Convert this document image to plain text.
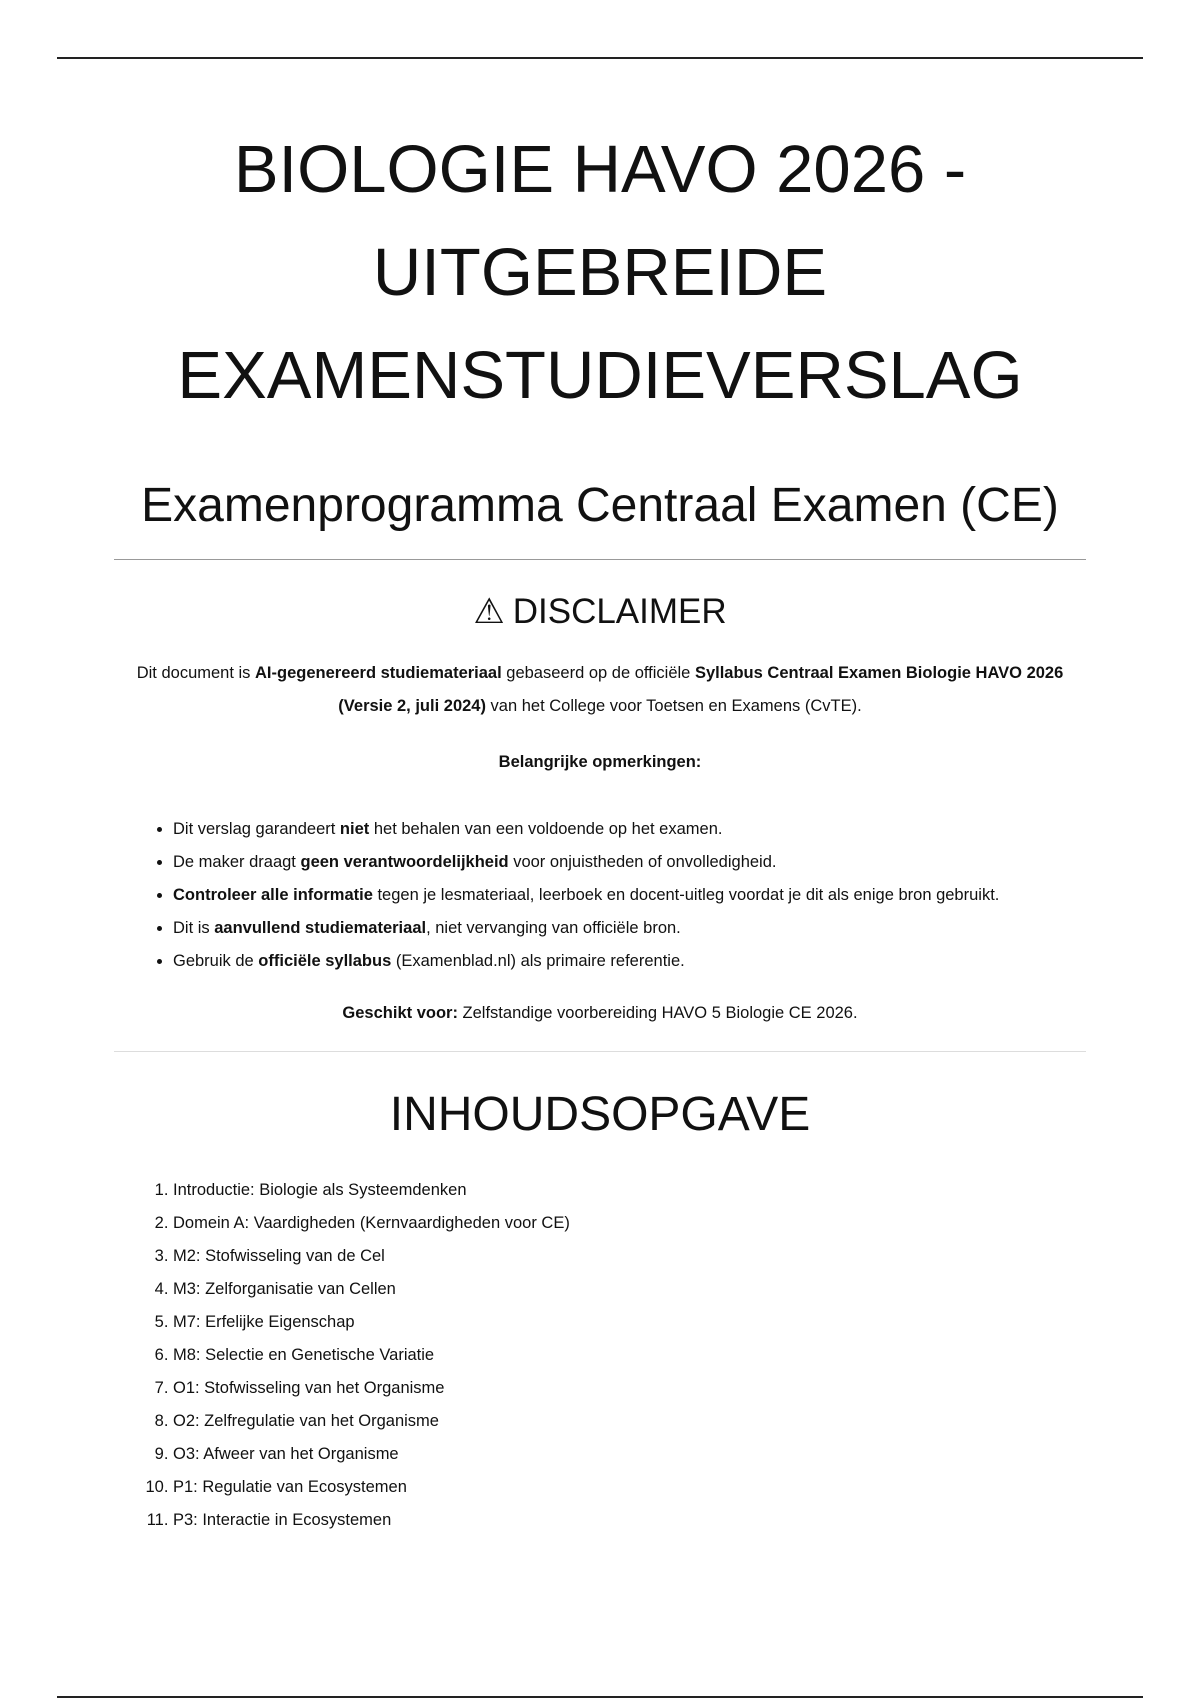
BIOLOGIE HAVO 2026 - UITGEBREIDE EXAMENSTUDIEVERSLAG
Examenprogramma Centraal Examen (CE)
⚠ DISCLAIMER

Dit document is AI-gegenereerd studiemateriaal gebaseerd op de officiële Syllabus Centraal Examen Biologie HAVO 2026 (Versie 2, juli 2024) van het College voor Toetsen en Examens (CvTE).

Belangrijke opmerkingen:

• Dit verslag garandeert niet het behalen van een voldoende op het examen.
• De maker draagt geen verantwoordelijkheid voor onjuistheden of onvolledigheid.
• Controleer alle informatie tegen je lesmateriaal, leerboek en docent-uitleg voordat je dit als enige bron gebruikt.
• Dit is aanvullend studiemateriaal, niet vervanging van officiële bron.
• Gebruik de officiële syllabus (Examenblad.nl) als primaire referentie.

Geschikt voor: Zelfstandige voorbereiding HAVO 5 Biologie CE 2026.

INHOUDSOPGAVE
1. Introductie: Biologie als Systeemdenken
2. Domein A: Vaardigheden (Kernvaardigheden voor CE)
3. M2: Stofwisseling van de Cel
4. M3: Zelforganisatie van Cellen
5. M7: Erfelijke Eigenschap
6. M8: Selectie en Genetische Variatie
7. O1: Stofwisseling van het Organisme
8. O2: Zelfregulatie van het Organisme
9. O3: Afweer van het Organisme
10. P1: Regulatie van Ecosystemen
11. P3: Interactie in Ecosystemen
